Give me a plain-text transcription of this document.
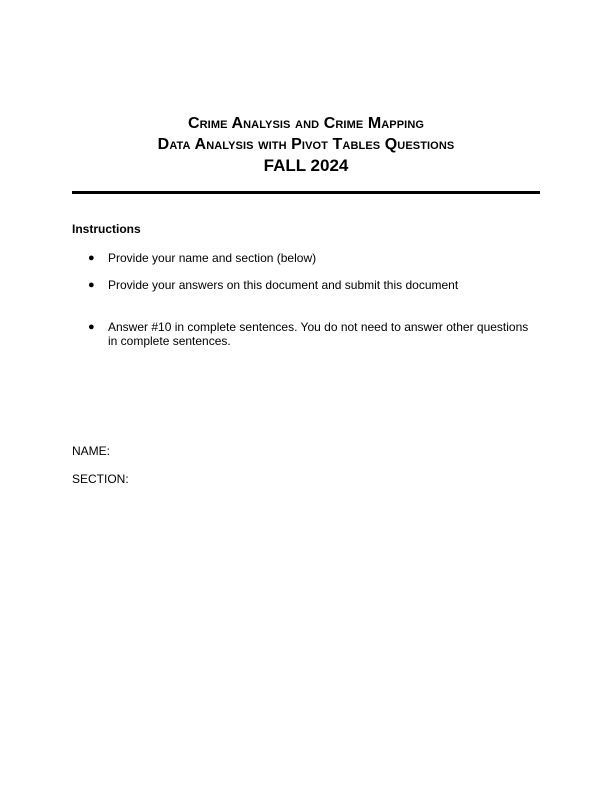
Crime Analysis and Crime Mapping
Data Analysis with Pivot Tables Questions
FALL 2024
Instructions
●	Provide your name and section (below)
●	Provide your answers on this document and submit this document
●	Answer #10 in complete sentences. You do not need to answer other questions in complete sentences.
NAME:
SECTION:
